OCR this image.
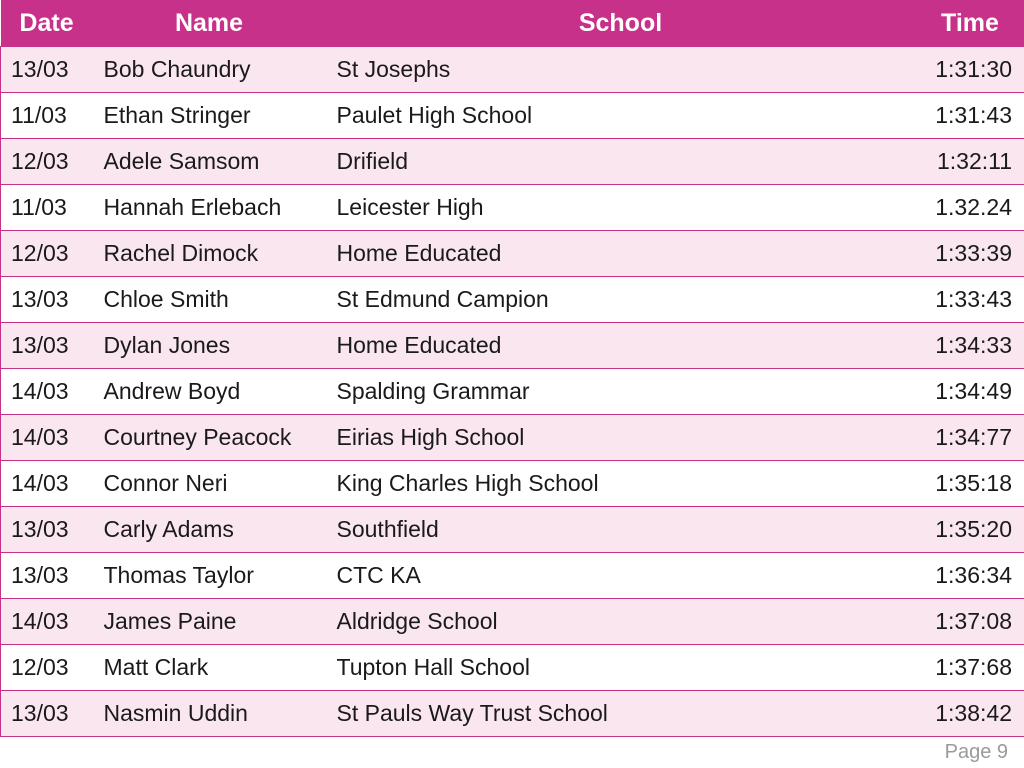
Date	Name	School	Time
13/03	Bob Chaundry	St Josephs	1:31:30
11/03	Ethan Stringer	Paulet High School	1:31:43
12/03	Adele Samsom	Drifield	1:32:11
11/03	Hannah Erlebach	Leicester High	1.32.24
12/03	Rachel Dimock	Home Educated	1:33:39
13/03	Chloe Smith	St Edmund Campion	1:33:43
13/03	Dylan Jones	Home Educated	1:34:33
14/03	Andrew Boyd	Spalding Grammar	1:34:49
14/03	Courtney Peacock	Eirias High School	1:34:77
14/03	Connor Neri	King Charles High School	1:35:18
13/03	Carly Adams	Southfield	1:35:20
13/03	Thomas Taylor	CTC KA	1:36:34
14/03	James Paine	Aldridge School	1:37:08
12/03	Matt Clark	Tupton Hall School	1:37:68
13/03	Nasmin Uddin	St Pauls Way Trust School	1:38:42
Page 9
